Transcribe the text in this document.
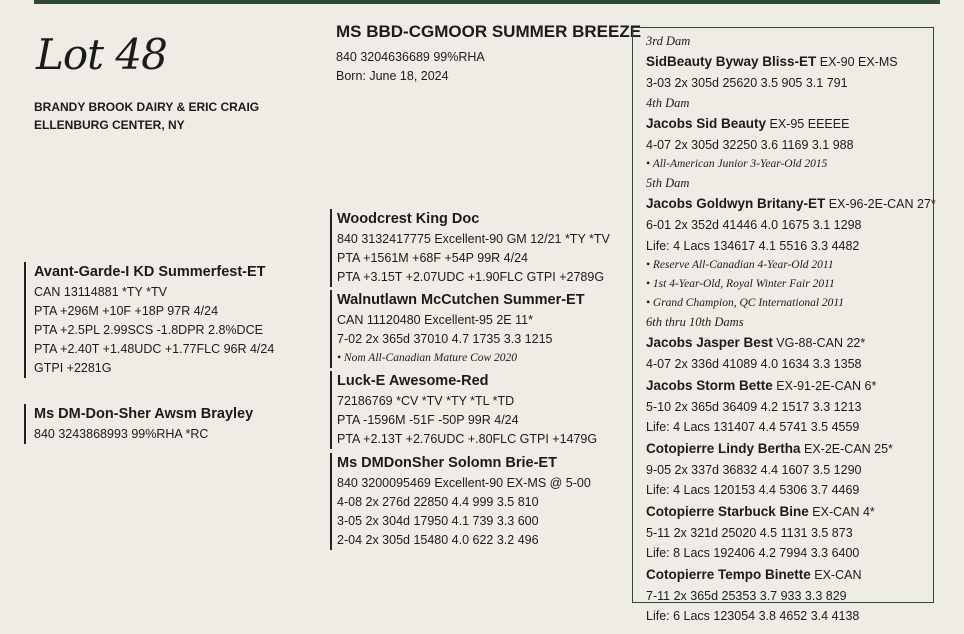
Lot 48
BRANDY BROOK DAIRY & ERIC CRAIG
ELLENBURG CENTER, NY
MS BBD-CGMOOR SUMMER BREEZE
840 3204636689 99%RHA
Born: June 18, 2024
Avant-Garde-I KD Summerfest-ET
CAN 13114881 *TY *TV
PTA +296M +10F +18P 97R 4/24
PTA +2.5PL 2.99SCS -1.8DPR 2.8%DCE
PTA +2.40T +1.48UDC +1.77FLC 96R 4/24
GTPI +2281G
Ms DM-Don-Sher Awsm Brayley
840 3243868993 99%RHA *RC
Woodcrest King Doc
840 3132417775 Excellent-90 GM 12/21 *TY *TV
PTA +1561M +68F +54P 99R 4/24
PTA +3.15T +2.07UDC +1.90FLC GTPI +2789G
Walnutlawn McCutchen Summer-ET
CAN 11120480 Excellent-95 2E 11*
7-02 2x 365d 37010 4.7 1735 3.3 1215
• Nom All-Canadian Mature Cow 2020
Luck-E Awesome-Red
72186769 *CV *TV *TY *TL *TD
PTA -1596M -51F -50P 99R 4/24
PTA +2.13T +2.76UDC +.80FLC GTPI +1479G
Ms DMDonSher Solomn Brie-ET
840 3200095469 Excellent-90 EX-MS @ 5-00
4-08 2x 276d 22850 4.4 999 3.5 810
3-05 2x 304d 17950 4.1 739 3.3 600
2-04 2x 305d 15480 4.0 622 3.2 496
3rd Dam
SidBeauty Byway Bliss-ET EX-90 EX-MS
3-03 2x 305d 25620 3.5 905 3.1 791
4th Dam
Jacobs Sid Beauty EX-95 EEEEE
4-07 2x 305d 32250 3.6 1169 3.1 988
• All-American Junior 3-Year-Old 2015
5th Dam
Jacobs Goldwyn Britany-ET EX-96-2E-CAN 27*
6-01 2x 352d 41446 4.0 1675 3.1 1298
Life: 4 Lacs 134617 4.1 5516 3.3 4482
• Reserve All-Canadian 4-Year-Old 2011
• 1st 4-Year-Old, Royal Winter Fair 2011
• Grand Champion, QC International 2011
6th thru 10th Dams
Jacobs Jasper Best VG-88-CAN 22*
4-07 2x 336d 41089 4.0 1634 3.3 1358
Jacobs Storm Bette EX-91-2E-CAN 6*
5-10 2x 365d 36409 4.2 1517 3.3 1213
Life: 4 Lacs 131407 4.4 5741 3.5 4559
Cotopierre Lindy Bertha EX-2E-CAN 25*
9-05 2x 337d 36832 4.4 1607 3.5 1290
Life: 4 Lacs 120153 4.4 5306 3.7 4469
Cotopierre Starbuck Bine EX-CAN 4*
5-11 2x 321d 25020 4.5 1131 3.5 873
Life: 8 Lacs 192406 4.2 7994 3.3 6400
Cotopierre Tempo Binette EX-CAN
7-11 2x 365d 25353 3.7 933 3.3 829
Life: 6 Lacs 123054 3.8 4652 3.4 4138
